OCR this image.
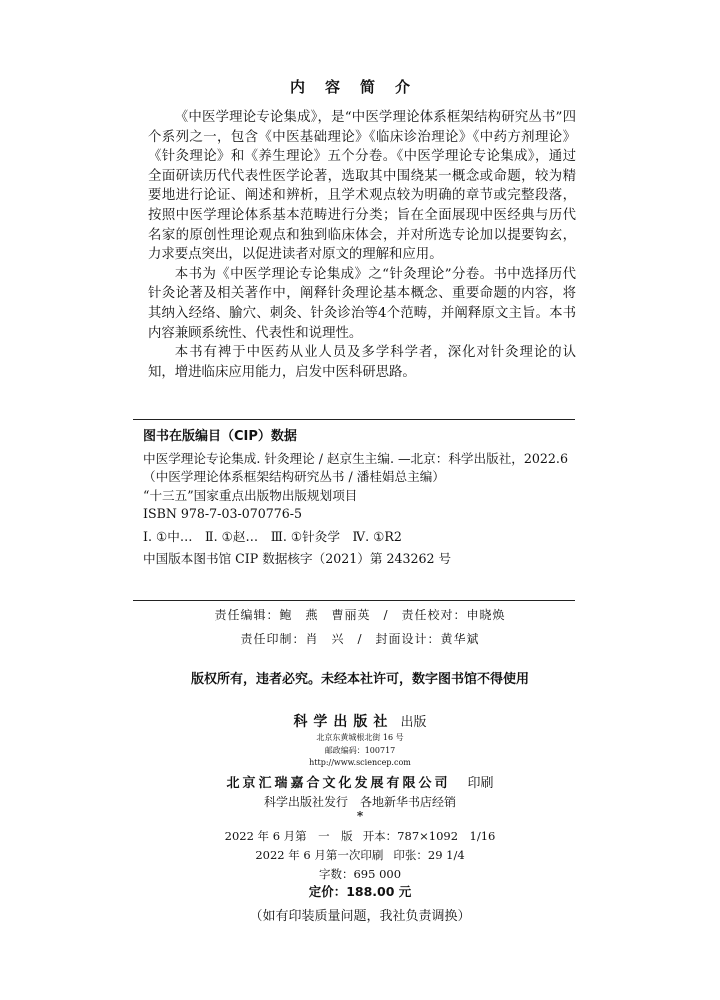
内容简介

《中医学理论专论集成》，是“中医学理论体系框架结构研究丛书”四个系列之一，包含《中医基础理论》《临床诊治理论》《中药方剂理论》《针灸理论》和《养生理论》五个分卷。《中医学理论专论集成》，通过全面研读历代代表性医学论著，选取其中围绕某一概念或命题，较为精要地进行论证、阐述和辨析，且学术观点较为明确的章节或完整段落，按照中医学理论体系基本范畴进行分类；旨在全面展现中医经典与历代名家的原创性理论观点和独到临床体会，并对所选专论加以提要钩玄，力求要点突出，以促进读者对原文的理解和应用。

本书为《中医学理论专论集成》之“针灸理论”分卷。书中选择历代针灸论著及相关著作中，阐释针灸理论基本概念、重要命题的内容，将其纳入经络、腧穴、刺灸、针灸诊治等4个范畴，并阐释原文主旨。本书内容兼顾系统性、代表性和说理性。

本书有裨于中医药从业人员及多学科学者，深化对针灸理论的认知，增进临床应用能力，启发中医科研思路。

图书在版编目（CIP）数据
中医学理论专论集成. 针灸理论 / 赵京生主编. —北京：科学出版社，2022.6
（中医学理论体系框架结构研究丛书 / 潘桂娟总主编）
“十三五”国家重点出版物出版规划项目
ISBN 978-7-03-070776-5
Ⅰ. ①中…　Ⅱ. ①赵…　Ⅲ. ①针灸学　Ⅳ. ①R2
中国版本图书馆 CIP 数据核字（2021）第 243262 号
责任编辑：鲍　燕　曹丽英　/　责任校对：申晓焕
责任印制：肖　兴　/　封面设计：黄华斌
版权所有，违者必究。未经本社许可，数字图书馆不得使用
科学出版社 出版
北京东黄城根北街 16 号
邮政编码：100717
http://www.sciencep.com
北京汇瑞嘉合文化发展有限公司 印刷
科学出版社发行　各地新华书店经销
*
2022 年 6 月第　一　版 开本：787×1092　1/16
2022 年 6 月第一次印刷 印张：29 1/4
字数：695 000
定价：188.00 元
（如有印装质量问题，我社负责调换）
